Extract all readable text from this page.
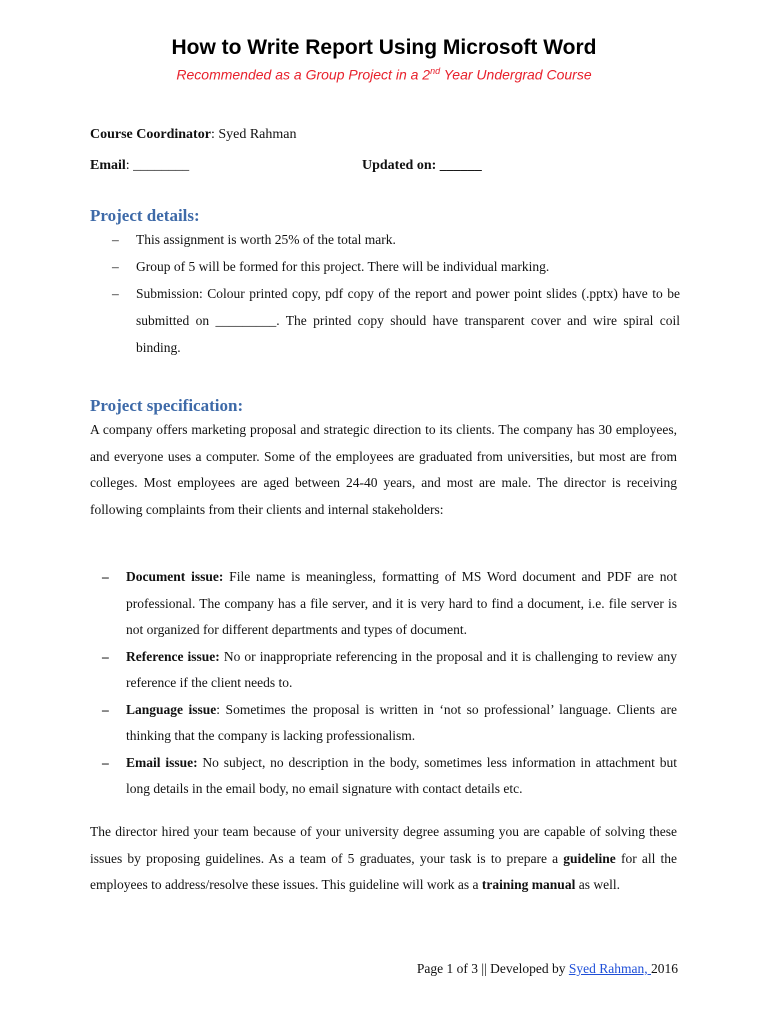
How to Write Report Using Microsoft Word
Recommended as a Group Project in a 2nd Year Undergrad Course
Course Coordinator: Syed Rahman
Email: ________	Updated on: ______
Project details:
– This assignment is worth 25% of the total mark.
– Group of 5 will be formed for this project. There will be individual marking.
– Submission: Colour printed copy, pdf copy of the report and power point slides (.pptx) have to be submitted on _________. The printed copy should have transparent cover and wire spiral coil binding.
Project specification:

A company offers marketing proposal and strategic direction to its clients. The company has 30 employees, and everyone uses a computer. Some of the employees are graduated from universities, but most are from colleges. Most employees are aged between 24-40 years, and most are male. The director is receiving following complaints from their clients and internal stakeholders:

– Document issue: File name is meaningless, formatting of MS Word document and PDF are not professional. The company has a file server, and it is very hard to find a document, i.e. file server is not organized for different departments and types of document.
– Reference issue: No or inappropriate referencing in the proposal and it is challenging to review any reference if the client needs to.
– Language issue: Sometimes the proposal is written in ‘not so professional’ language. Clients are thinking that the company is lacking professionalism.
– Email issue: No subject, no description in the body, sometimes less information in attachment but long details in the email body, no email signature with contact details etc.

The director hired your team because of your university degree assuming you are capable of solving these issues by proposing guidelines. As a team of 5 graduates, your task is to prepare a guideline for all the employees to address/resolve these issues. This guideline will work as a training manual as well.

Page 1 of 3 || Developed by Syed Rahman, 2016
